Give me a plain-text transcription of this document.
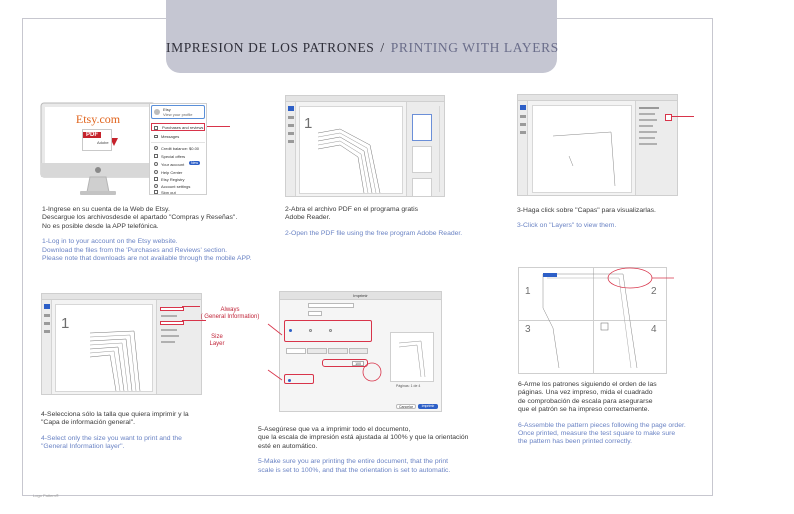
IMPRESION DE LOS PATRONES / PRINTING WITH LAYERS
Etsy.com
PDF
Adobe
Etsy
View your profile
Purchases and reviews
Messages
Credit balance: $0.00
Special offers
Your account	New
Help Center
Etsy Registry
Account settings
Sign out
1-Ingrese en su cuenta de la Web de Etsy.
Descargue los archivosdesde el apartado "Compras y Reseñas".
No es posible desde la APP telefónica.
1-Log in to your account on the Etsy website.
Download the files from the 'Purchases and Reviews' section.
Please note that downloads are not available through the mobile APP.
1
2-Abra el archivo PDF en el programa gratis
Adobe Reader.
2-Open the PDF file using the free program Adobe Reader.
3-Haga click sobre "Capas" para visualizarlas.
3-Click on "Layers" to view them.
1
Always
( General Information)
Size
Layer
4-Selecciona sólo la talla que quiera imprimir y la
"Capa de información general".
4-Select only the size you want to print and the
"General Information layer".
Imprimir
100
Páginas: 1 de 4
Cancelar	Imprimir
5-Asegúrese que va a imprimir todo el documento,
que la escala de impresión está ajustada al 100% y que la orientación
esté en automático.
5-Make sure you are printing the entire document, that the print
scale is set to 100%, and that the orientation is set to automatic.
1	2
3	4
6-Arme los patrones siguiendo el orden de las
páginas. Una vez impreso, mida el cuadrado
de comprobación de escala para asegurarse
que el patrón se ha impreso correctamente.
6-Assemble the pattern pieces following the page order.
Once printed, measure the test square to make sure
the pattern has been printed correctly.
Logo Pattern®
